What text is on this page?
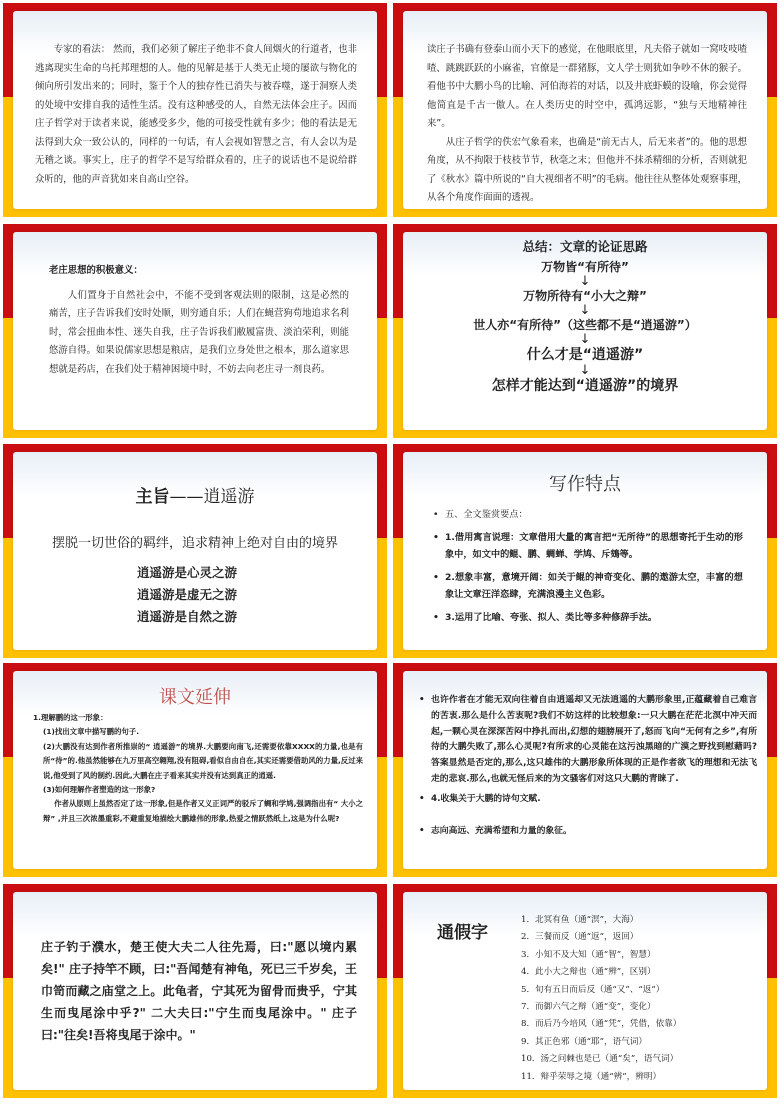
专家的看法： 然而，我们必须了解庄子绝非不食人间烟火的行道者，也非逃离现实生命的乌托邦理想的人。他的见解是基于人类无止境的屡欲与物化的倾向所引发出来的；同时，鉴于个人的独存性已消失与被吞噬，遂于洞察人类的处境中安排自我的适性生活。没有这种感受的人，自然无法体会庄子。因而庄子哲学对于读者来说，能感受多少，他的可接受性就有多少；他的看法是无法得到大众一致公认的，同样的一句话，有人会视如智慧之言，有人会以为是无稽之谈。事实上，庄子的哲学不是写给群众看的，庄子的说话也不是说给群众听的，他的声音犹如来自高山空谷。
读庄子书确有登泰山而小天下的感觉，在他眼底里，凡夫俗子就如一窝吱吱喳喳、跳跳跃跃的小麻雀，官僚是一群猪豚，文人学士则犹如争吵不休的猴子。看他书中大鹏小鸟的比喻、河伯海若的对话，以及井底虾蟆的设喻，你会觉得他简直是千古一傲人。在人类历史的时空中，孤鸿远影，“独与天地精神往来”。
从庄子哲学的佚宏气象看来，也确是“前无古人，后无来者”的。他的思想角度，从不拘限于枝枝节节，秋毫之末；但他并不抹杀精细的分析，否则就犯了《秋水》篇中所说的“自大视细者不明”的毛病。他往往从整体处观察事理，从各个角度作面面的透视。
老庄思想的积极意义：
人们置身于自然社会中，不能不受到客观法则的限制，这是必然的痛苦，庄子告诉我们安时处顺，则穷通自乐；人们在蝇营狗苟地追求名利时，常会扭曲本性、迷失自我，庄子告诉我们敝履富贵、淡泊荣利，则能悠游自得。如果说儒家思想是粮店，是我们立身处世之根本，那么道家思想就是药店，在我们处于精神困境中时，不妨去向老庄寻一剂良药。
总结：文章的论证思路
万物皆“有所待”
↓
万物所待有“小大之辩”
↓
世人亦“有所待”（这些都不是“逍遥游”）
↓
什么才是“逍遥游”
↓
怎样才能达到“逍遥游”的境界
主旨——逍遥游
摆脱一切世俗的羁绊，追求精神上绝对自由的境界
逍遥游是心灵之游
逍遥游是虚无之游
逍遥游是自然之游
写作特点
• 五、全文鉴赏要点：
• 1.借用寓言说理：文章借用大量的寓言把“无所待”的思想寄托于生动的形象中，如文中的鲲、鹏、蜩蝉、学鸠、斥鴳等。
• 2.想象丰富，意境开阔：如关于鲲的神奇变化、鹏的遨游太空，丰富的想象让文章汪洋恣肆，充满浪漫主义色彩。
• 3.运用了比喻、夸张、拟人、类比等多种修辞手法。
课文延伸
1.理解鹏的这一形象：
(1)找出文章中描写鹏的句子.
(2)大鹏没有达到作者所推崇的“ 逍遥游”的境界.大鹏要向南飞,还需要依靠XXXX的力量,也是有所“待”的.他虽然能够在九万里高空翱翔,没有阻碍,看似自由自在,其实还需要借助风的力量,反过来说,他受到了风的制约.因此,大鹏在庄子看来其实并没有达到真正的逍遥.
(3)如何理解作者塑造的这一形象?
作者从原则上虽然否定了这一形象,但是作者又义正词严的驳斥了蜩和学鸠,强调指出有“ 大小之辩” ,并且三次浓墨重彩,不避重复地描绘大鹏雄伟的形象,热爱之情跃然纸上,这是为什么呢?
• 也许作者在才能无双向往着自由逍遥却又无法逍遥的大鹏形象里,正蕴藏着自己难言的苦衷.那么是什么苦衷呢?我们不妨这样的比较想象:一只大鹏在茫茫北溟中冲天而起,一颗心灵在深深苦闷中挣扎而出,幻想的翅膀展开了,怒而飞向“无何有之乡”,有所待的大鹏失败了,那么心灵呢?有所求的心灵能在这污浊黑暗的广漠之野找到慰藉吗?答案显然是否定的,那么,这只雄伟的大鹏形象所体现的正是作者欲飞的理想和无法飞走的悲哀.那么,也就无怪后来的为文骚客们对这只大鹏的青睐了.
• 4.收集关于大鹏的诗句文赋.
• 志向高远、充满希望和力量的象征。
庄子钓于濮水，楚王使大夫二人往先焉，曰:"愿以境内累矣!" 庄子持竿不顾，曰:"吾闻楚有神龟，死已三千岁矣，王巾笥而藏之庙堂之上。此龟者，宁其死为留骨而贵乎，宁其生而曳尾涂中乎?" 二大夫曰:"宁生而曳尾涂中。" 庄子曰:"往矣!吾将曳尾于涂中。"
通假字
1．北冥有鱼（通“溟”，大海）
2．三餐而反（通“返”，返回）
3．小知不及大知（通“智”，智慧）
4．此小大之辩也（通“辨”，区别）
5．旬有五日而后反（通“又”、“返”）
7．而御六气之辩（通“变”，变化）
8．而后乃今培风（通“凭”，凭借，依靠）
9．其正色邪（通“耶”，语气词）
10．汤之问棘也是已（通“矣”，语气词）
11．辩乎荣辱之境（通“辨”，辨明）
